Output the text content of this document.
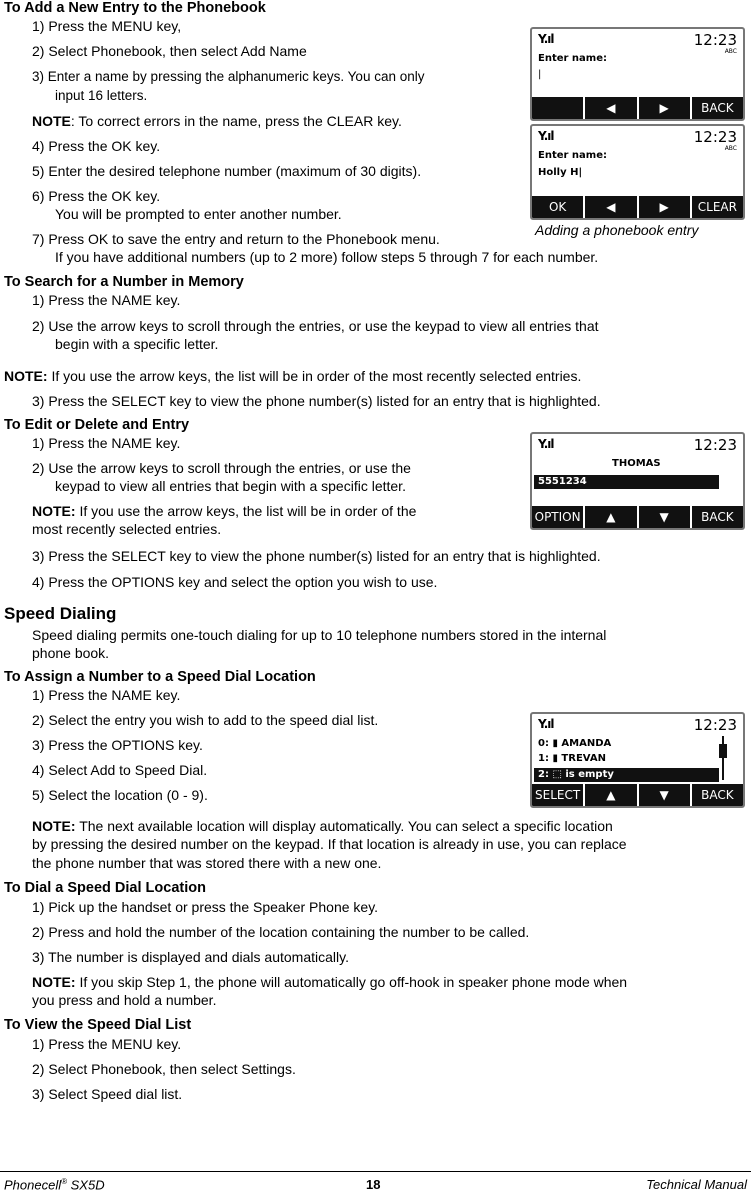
To Add a New Entry to the Phonebook
1) Press the MENU key,
2) Select Phonebook, then select Add Name
3) Enter a name by pressing the alphanumeric keys. You can only
input 16 letters.
NOTE: To correct errors in the name, press the CLEAR key.
4) Press the OK key.
5) Enter the desired telephone number (maximum of 30 digits).
6) Press the OK key.
You will be prompted to enter another number.
7) Press OK to save the entry and return to the Phonebook menu.
If you have additional numbers (up to 2 more) follow steps 5 through 7 for each number.
Adding a phonebook entry
Y.ıl	12:23
ABC
Enter name:
|
◀	▶	BACK
Y.ıl	12:23
ABC
Enter name:
Holly H|
OK	◀	▶	CLEAR
To Search for a Number in Memory
1) Press the NAME key.
2) Use the arrow keys to scroll through the entries, or use the keypad to view all entries that
begin with a specific letter.
NOTE: If you use the arrow keys, the list will be in order of the most recently selected entries.
3) Press the SELECT key to view the phone number(s) listed for an entry that is highlighted.
To Edit or Delete and Entry
1) Press the NAME key.
2) Use the arrow keys to scroll through the entries, or use the
keypad to view all entries that begin with a specific letter.
NOTE: If you use the arrow keys, the list will be in order of the
most recently selected entries.
3) Press the SELECT key to view the phone number(s) listed for an entry that is highlighted.
4) Press the OPTIONS key and select the option you wish to use.
Y.ıl	12:23
THOMAS
5551234
OPTION	▲	▼	BACK
Speed Dialing
Speed dialing permits one-touch dialing for up to 10 telephone numbers stored in the internal
phone book.
To Assign a Number to a Speed Dial Location
1) Press the NAME key.
2) Select the entry you wish to add to the speed dial list.
3) Press the OPTIONS key.
4) Select Add to Speed Dial.
5) Select the location (0 - 9).
Y.ıl	12:23
0: ▮ AMANDA
1: ▮ TREVAN
2: ⬚ is empty
SELECT	▲	▼	BACK
NOTE: The next available location will display automatically. You can select a specific location
by pressing the desired number on the keypad. If that location is already in use, you can replace
the phone number that was stored there with a new one.
To Dial a Speed Dial Location
1) Pick up the handset or press the Speaker Phone key.
2) Press and hold the number of the location containing the number to be called.
3) The number is displayed and dials automatically.
NOTE: If you skip Step 1, the phone will automatically go off-hook in speaker phone mode when
you press and hold a number.
To View the Speed Dial List
1) Press the MENU key.
2) Select Phonebook, then select Settings.
3) Select Speed dial list.
Phonecell® SX5D	18	Technical Manual
